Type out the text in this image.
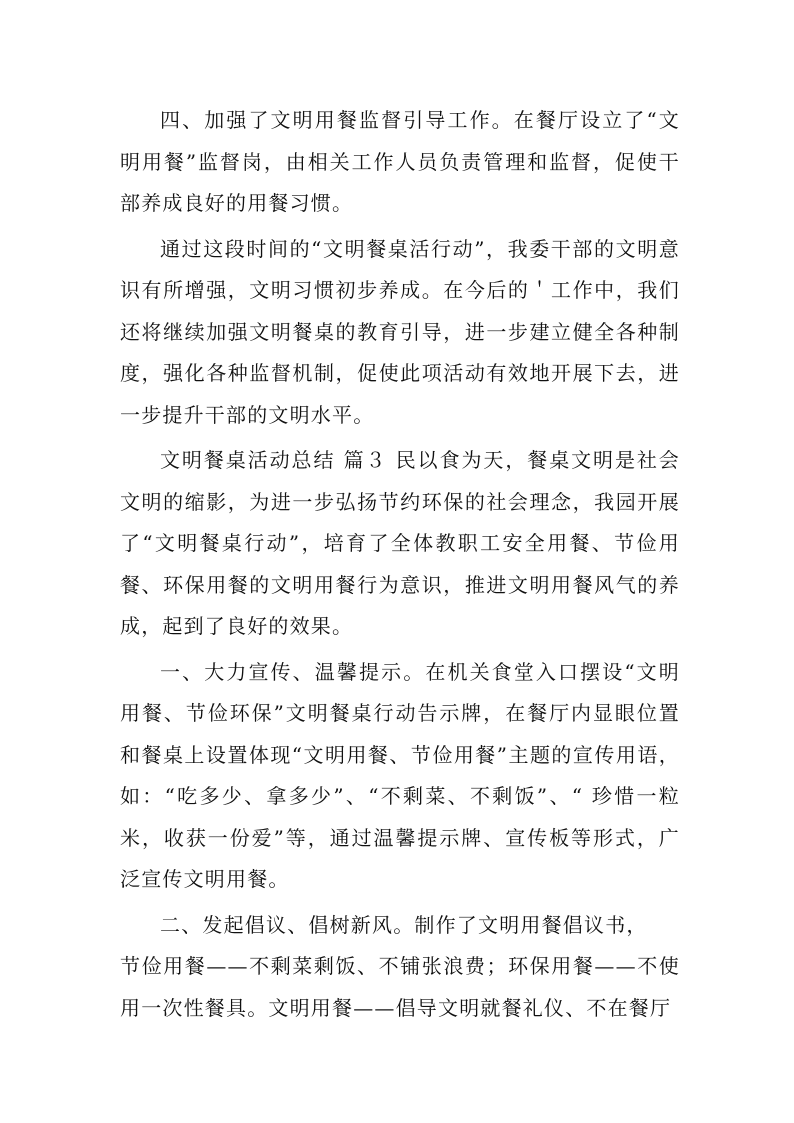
四、加强了文明用餐监督引导工作。在餐厅设立了“文明用餐”监督岗，由相关工作人员负责管理和监督，促使干部养成良好的用餐习惯。

通过这段时间的“文明餐桌活行动”，我委干部的文明意识有所增强，文明习惯初步养成。在今后的＇工作中，我们还将继续加强文明餐桌的教育引导，进一步建立健全各种制度，强化各种监督机制，促使此项活动有效地开展下去，进一步提升干部的文明水平。

文明餐桌活动总结 篇３ 民以食为天，餐桌文明是社会文明的缩影，为进一步弘扬节约环保的社会理念，我园开展了“文明餐桌行动”，培育了全体教职工安全用餐、节俭用餐、环保用餐的文明用餐行为意识，推进文明用餐风气的养成，起到了良好的效果。

一、大力宣传、温馨提示。在机关食堂入口摆设“文明用餐、节俭环保”文明餐桌行动告示牌，在餐厅内显眼位置和餐桌上设置体现“文明用餐、节俭用餐”主题的宣传用语，如：“吃多少、拿多少”、“不剩菜、不剩饭”、“ 珍惜一粒米，收获一份爱”等，通过温馨提示牌、宣传板等形式，广泛宣传文明用餐。

二、发起倡议、倡树新风。制作了文明用餐倡议书，

节俭用餐——不剩菜剩饭、不铺张浪费；环保用餐——不使用一次性餐具。文明用餐——倡导文明就餐礼仪、不在餐厅
